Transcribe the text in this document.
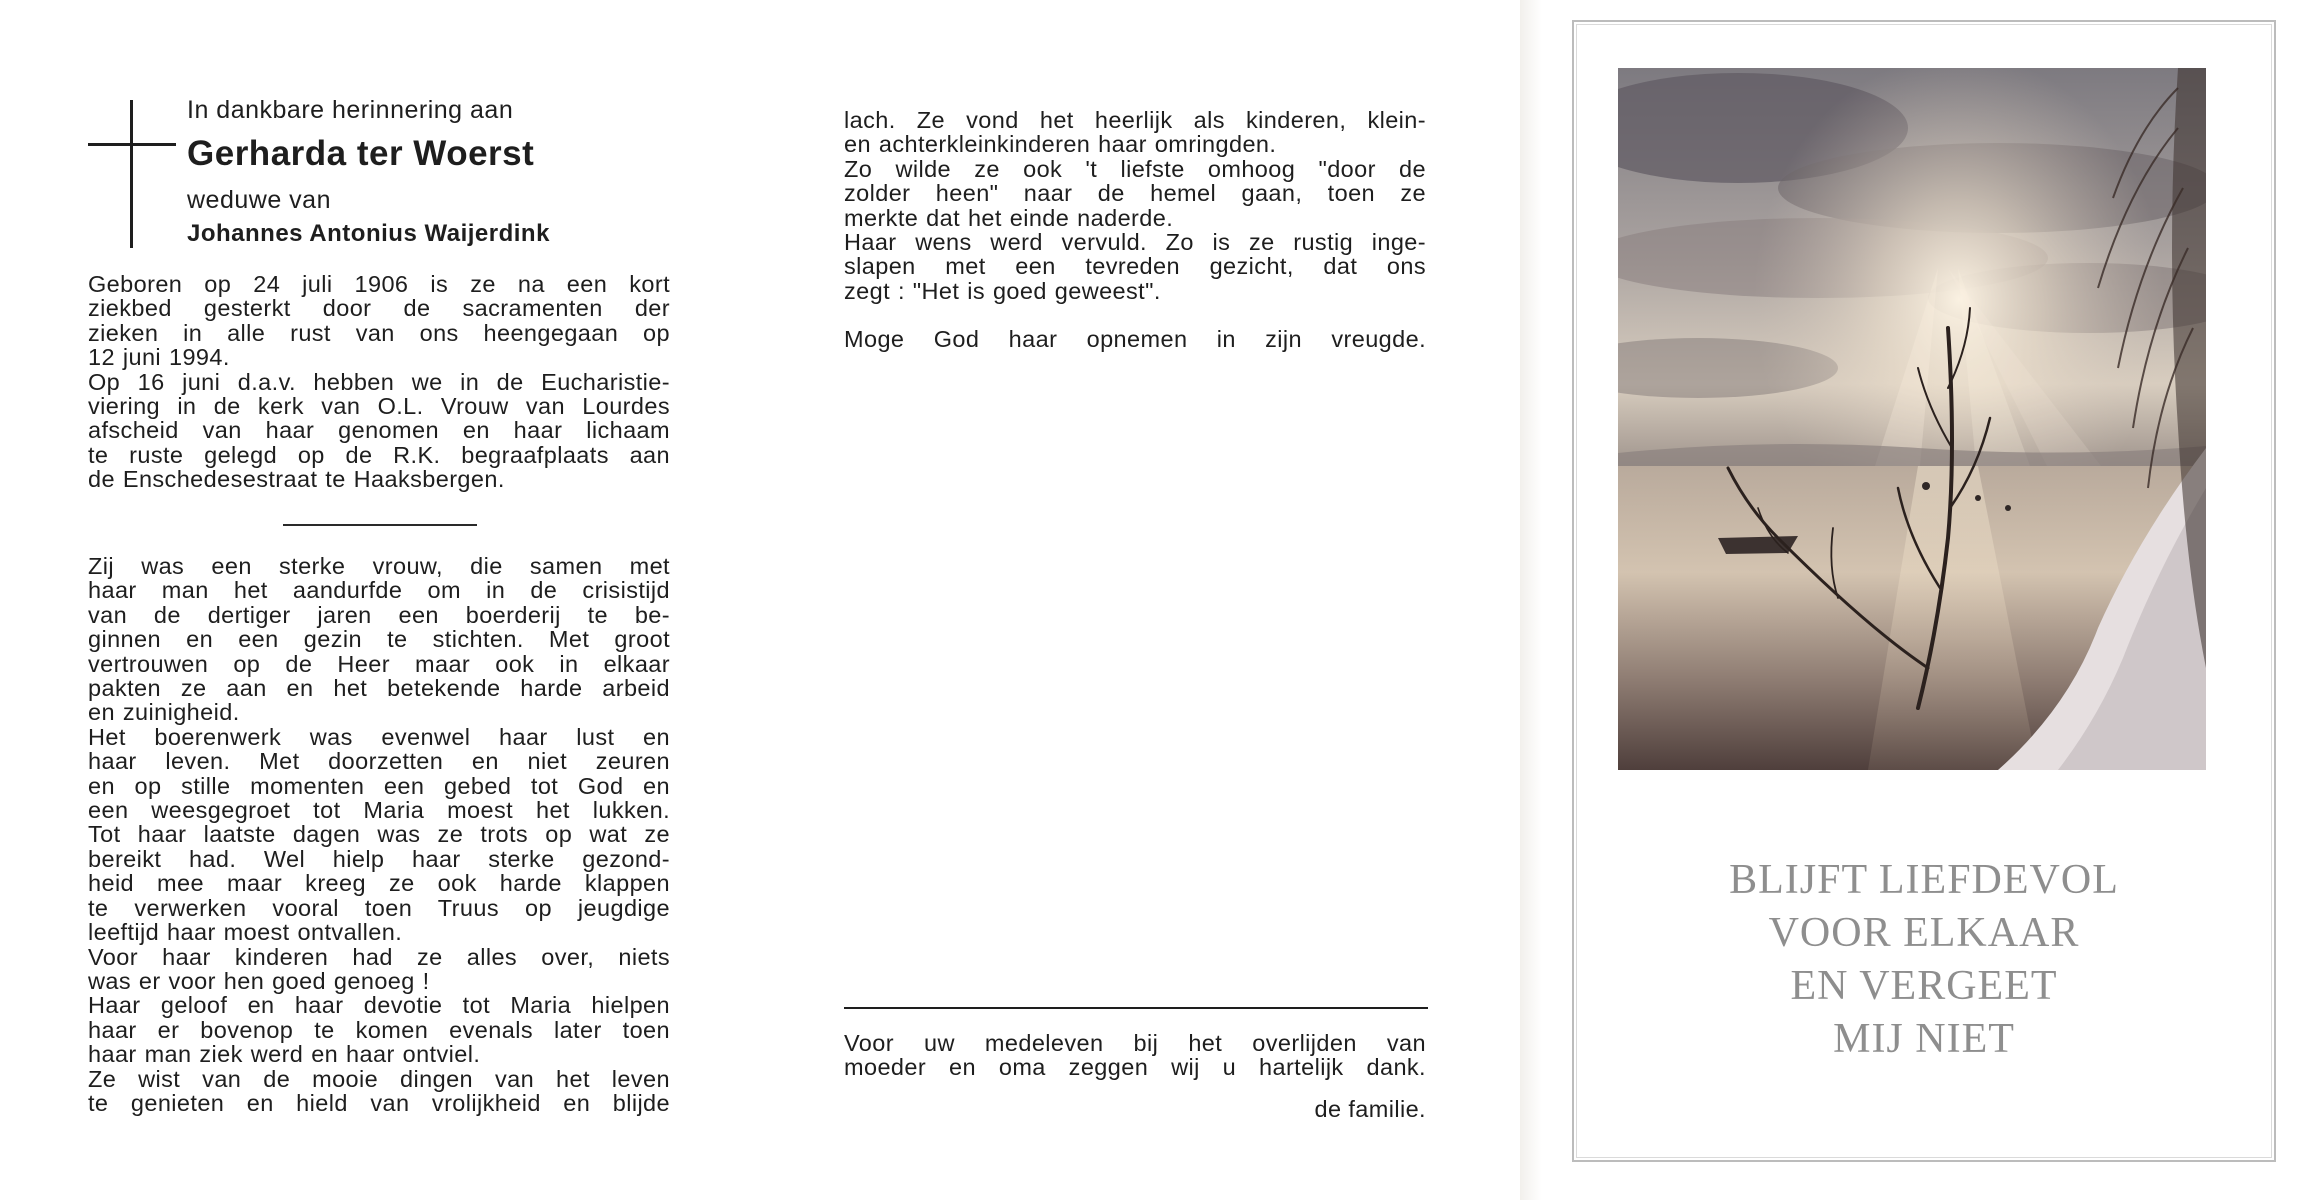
In dankbare herinnering aan
Gerharda ter Woerst
weduwe van
Johannes Antonius Waijerdink
Geboren op 24 juli 1906 is ze na een kort
ziekbed gesterkt door de sacramenten der
zieken in alle rust van ons heengegaan op
12 juni 1994.
Op 16 juni d.a.v. hebben we in de Eucharistie-
viering in de kerk van O.L. Vrouw van Lourdes
afscheid van haar genomen en haar lichaam
te ruste gelegd op de R.K. begraafplaats aan
de Enschedesestraat te Haaksbergen.
Zij was een sterke vrouw, die samen met
haar man het aandurfde om in de crisistijd
van de dertiger jaren een boerderij te be-
ginnen en een gezin te stichten. Met groot
vertrouwen op de Heer maar ook in elkaar
pakten ze aan en het betekende harde arbeid
en zuinigheid.
Het boerenwerk was evenwel haar lust en
haar leven. Met doorzetten en niet zeuren
en op stille momenten een gebed tot God en
een weesgegroet tot Maria moest het lukken.
Tot haar laatste dagen was ze trots op wat ze
bereikt had. Wel hielp haar sterke gezond-
heid mee maar kreeg ze ook harde klappen
te verwerken vooral toen Truus op jeugdige
leeftijd haar moest ontvallen.
Voor haar kinderen had ze alles over, niets
was er voor hen goed genoeg !
Haar geloof en haar devotie tot Maria hielpen
haar er bovenop te komen evenals later toen
haar man ziek werd en haar ontviel.
Ze wist van de mooie dingen van het leven
te genieten en hield van vrolijkheid en blijde
lach. Ze vond het heerlijk als kinderen, klein-
en achterkleinkinderen haar omringden.
Zo wilde ze ook 't liefste omhoog "door de
zolder heen" naar de hemel gaan, toen ze
merkte dat het einde naderde.
Haar wens werd vervuld. Zo is ze rustig inge-
slapen met een tevreden gezicht, dat ons
zegt : "Het is goed geweest".
Moge God haar opnemen in zijn vreugde.
Voor uw medeleven bij het overlijden van
moeder en oma zeggen wij u hartelijk dank.
de familie.
BLIJFT LIEFDEVOL
VOOR ELKAAR
EN VERGEET
MIJ NIET
